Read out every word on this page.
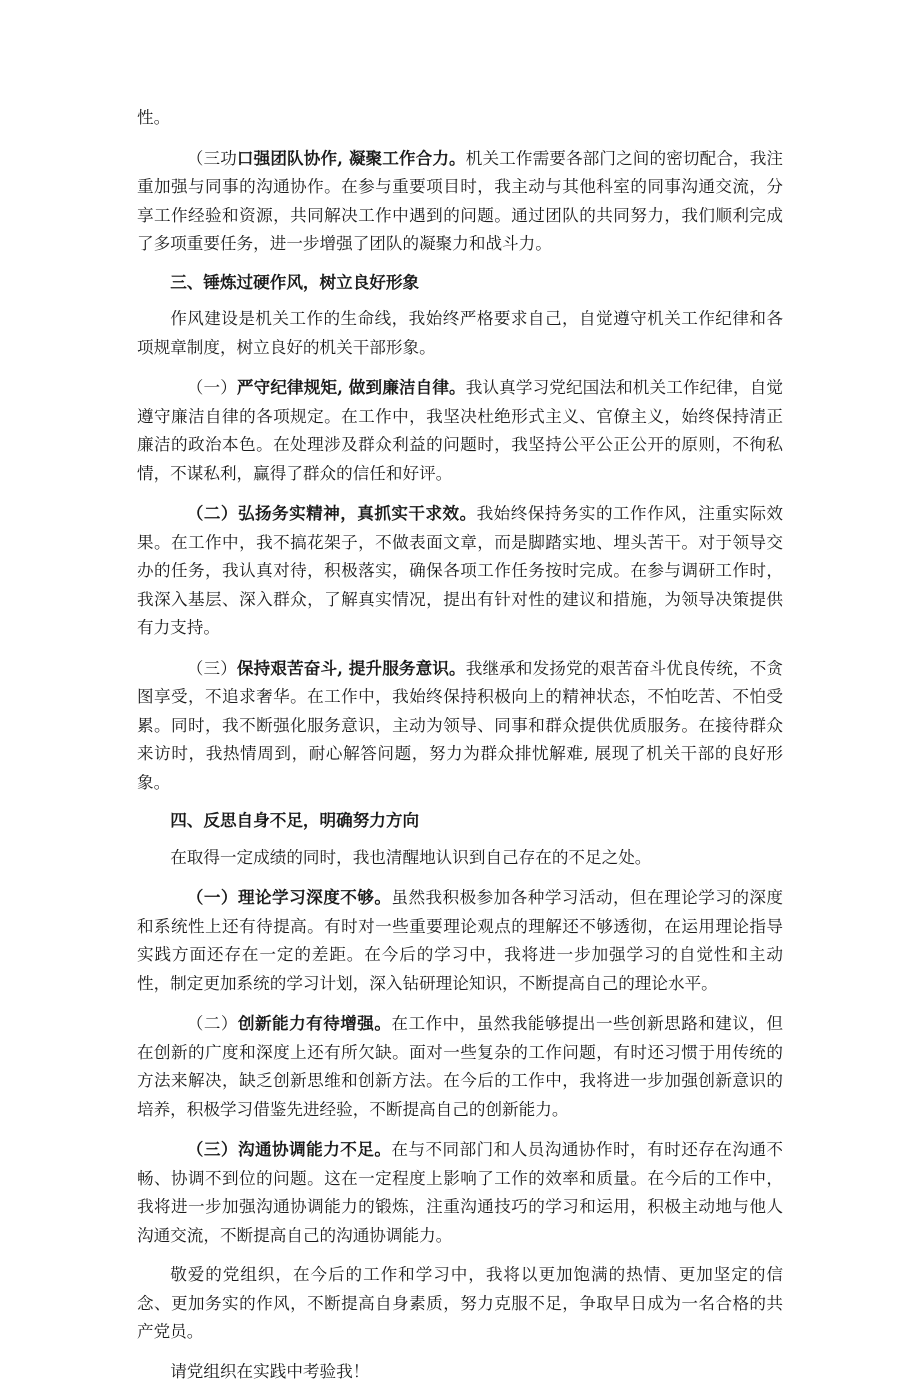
性。

（三功口强团队协作, 凝聚工作合力。机关工作需要各部门之间的密切配合，我注重加强与同事的沟通协作。在参与重要项目时，我主动与其他科室的同事沟通交流，分享工作经验和资源，共同解决工作中遇到的问题。通过团队的共同努力，我们顺利完成了多项重要任务，进一步增强了团队的凝聚力和战斗力。

三、锤炼过硬作风，树立良好形象

作风建设是机关工作的生命线，我始终严格要求自己，自觉遵守机关工作纪律和各项规章制度，树立良好的机关干部形象。

（一）严守纪律规矩, 做到廉洁自律。我认真学习党纪国法和机关工作纪律，自觉遵守廉洁自律的各项规定。在工作中，我坚决杜绝形式主义、官僚主义，始终保持清正廉洁的政治本色。在处理涉及群众利益的问题时，我坚持公平公正公开的原则，不徇私情，不谋私利，赢得了群众的信任和好评。

（二）弘扬务实精神，真抓实干求效。我始终保持务实的工作作风，注重实际效果。在工作中，我不搞花架子，不做表面文章，而是脚踏实地、埋头苦干。对于领导交办的任务，我认真对待，积极落实，确保各项工作任务按时完成。在参与调研工作时，我深入基层、深入群众，了解真实情况，提出有针对性的建议和措施，为领导决策提供有力支持。

（三）保持艰苦奋斗, 提升服务意识。我继承和发扬党的艰苦奋斗优良传统，不贪图享受，不追求奢华。在工作中，我始终保持积极向上的精神状态，不怕吃苦、不怕受累。同时，我不断强化服务意识，主动为领导、同事和群众提供优质服务。在接待群众来访时，我热情周到，耐心解答问题，努力为群众排忧解难, 展现了机关干部的良好形象。

四、反思自身不足，明确努力方向

在取得一定成绩的同时，我也清醒地认识到自己存在的不足之处。

（一）理论学习深度不够。虽然我积极参加各种学习活动，但在理论学习的深度和系统性上还有待提高。有时对一些重要理论观点的理解还不够透彻，在运用理论指导实践方面还存在一定的差距。在今后的学习中，我将进一步加强学习的自觉性和主动性，制定更加系统的学习计划，深入钻研理论知识，不断提高自己的理论水平。

（二）创新能力有待增强。在工作中，虽然我能够提出一些创新思路和建议，但在创新的广度和深度上还有所欠缺。面对一些复杂的工作问题，有时还习惯于用传统的方法来解决，缺乏创新思维和创新方法。在今后的工作中，我将进一步加强创新意识的培养，积极学习借鉴先进经验，不断提高自己的创新能力。

（三）沟通协调能力不足。在与不同部门和人员沟通协作时，有时还存在沟通不畅、协调不到位的问题。这在一定程度上影响了工作的效率和质量。在今后的工作中，我将进一步加强沟通协调能力的锻炼，注重沟通技巧的学习和运用，积极主动地与他人沟通交流，不断提高自己的沟通协调能力。

敬爱的党组织，在今后的工作和学习中，我将以更加饱满的热情、更加坚定的信念、更加务实的作风，不断提高自身素质，努力克服不足，争取早日成为一名合格的共产党员。

请党组织在实践中考验我！
